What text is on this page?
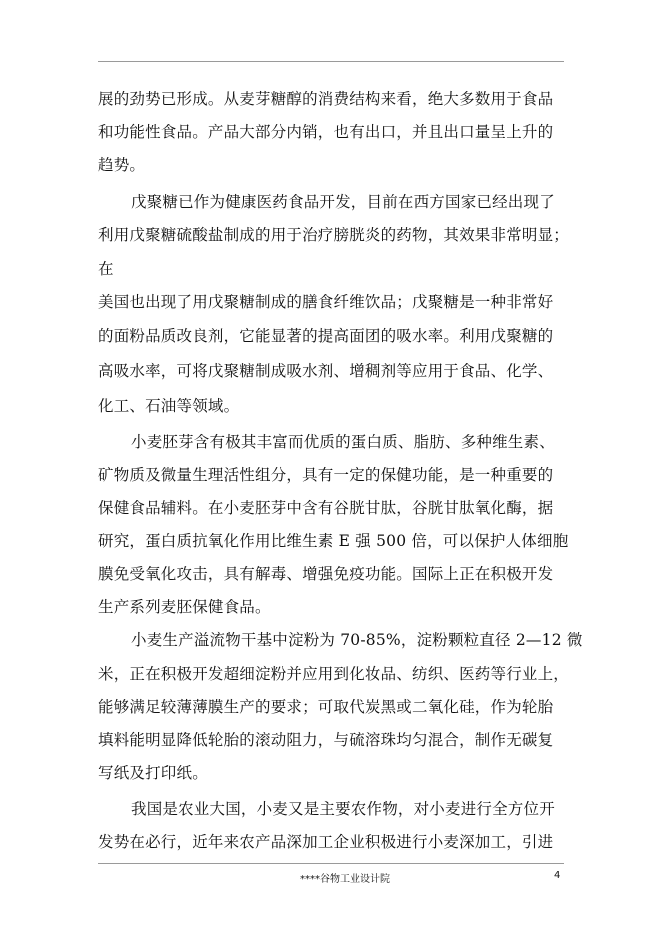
展的劲势已形成。从麦芽糖醇的消费结构来看，绝大多数用于食品
和功能性食品。产品大部分内销，也有出口，并且出口量呈上升的
趋势。
戊聚糖已作为健康医药食品开发，目前在西方国家已经出现了
利用戊聚糖硫酸盐制成的用于治疗膀胱炎的药物，其效果非常明显；
在
美国也出现了用戊聚糖制成的膳食纤维饮品；戊聚糖是一种非常好
的面粉品质改良剂，它能显著的提高面团的吸水率。利用戊聚糖的
高吸水率，可将戊聚糖制成吸水剂、增稠剂等应用于食品、化学、
化工、石油等领域。
小麦胚芽含有极其丰富而优质的蛋白质、脂肪、多种维生素、
矿物质及微量生理活性组分，具有一定的保健功能，是一种重要的
保健食品辅料。在小麦胚芽中含有谷胱甘肽，谷胱甘肽氧化酶，据
研究，蛋白质抗氧化作用比维生素 E 强 500 倍，可以保护人体细胞
膜免受氧化攻击，具有解毒、增强免疫功能。国际上正在积极开发
生产系列麦胚保健食品。
小麦生产溢流物干基中淀粉为 70-85%，淀粉颗粒直径 2—12 微
米，正在积极开发超细淀粉并应用到化妆品、纺织、医药等行业上，
能够满足较薄薄膜生产的要求；可取代炭黑或二氧化硅，作为轮胎
填料能明显降低轮胎的滚动阻力，与硫溶珠均匀混合，制作无碳复
写纸及打印纸。
我国是农业大国，小麦又是主要农作物，对小麦进行全方位开
发势在必行，近年来农产品深加工企业积极进行小麦深加工，引进
****谷物工业设计院	4
